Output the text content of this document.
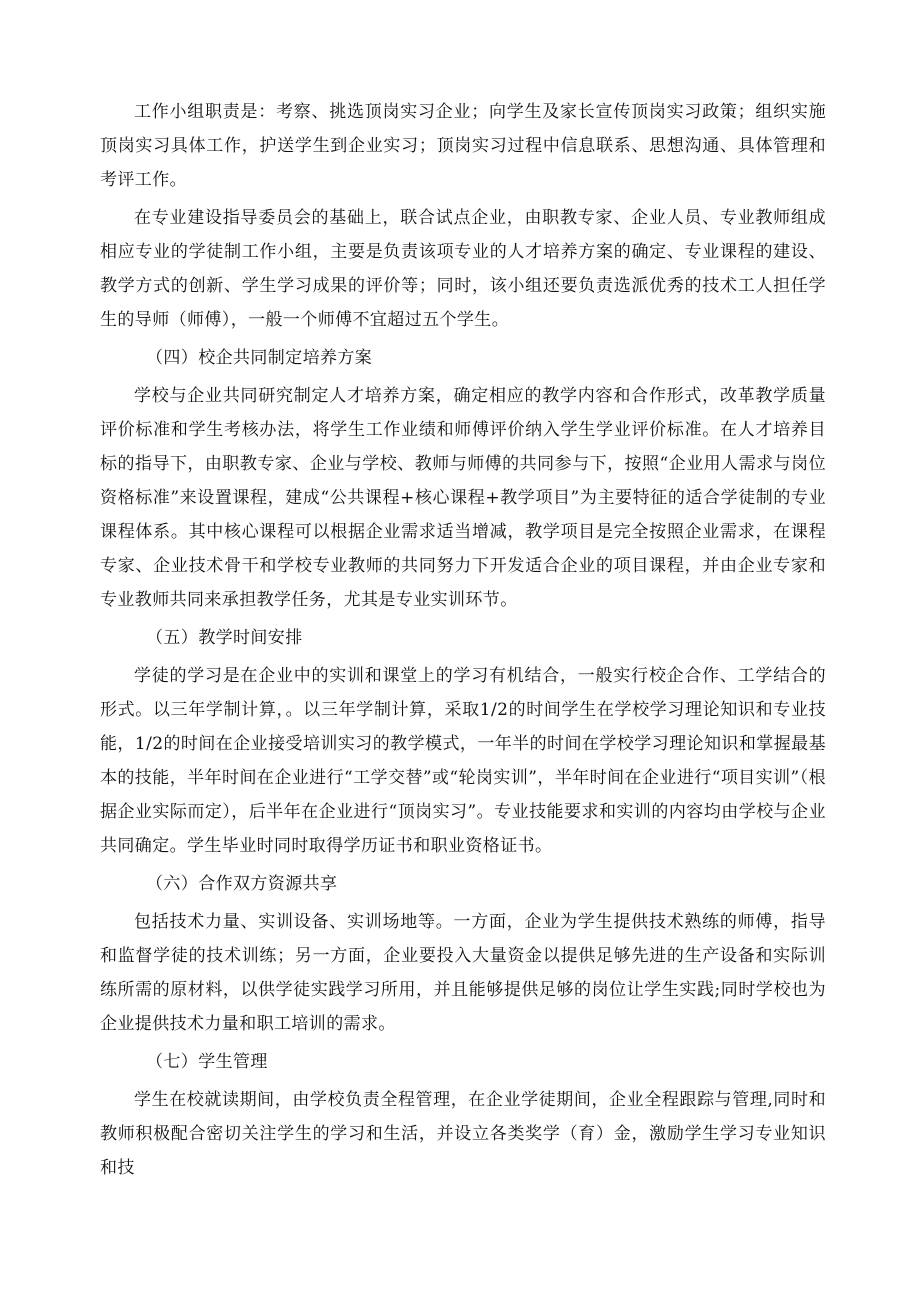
工作小组职责是：考察、挑选顶岗实习企业；向学生及家长宣传顶岗实习政策；组织实施顶岗实习具体工作，护送学生到企业实习；顶岗实习过程中信息联系、思想沟通、具体管理和考评工作。

在专业建设指导委员会的基础上，联合试点企业，由职教专家、企业人员、专业教师组成相应专业的学徒制工作小组，主要是负责该项专业的人才培养方案的确定、专业课程的建设、教学方式的创新、学生学习成果的评价等；同时，该小组还要负责选派优秀的技术工人担任学生的导师（师傅），一般一个师傅不宜超过五个学生。

（四）校企共同制定培养方案

学校与企业共同研究制定人才培养方案，确定相应的教学内容和合作形式，改革教学质量评价标准和学生考核办法，将学生工作业绩和师傅评价纳入学生学业评价标准。在人才培养目标的指导下，由职教专家、企业与学校、教师与师傅的共同参与下，按照“企业用人需求与岗位资格标准”来设置课程，建成“公共课程+核心课程+教学项目”为主要特征的适合学徒制的专业课程体系。其中核心课程可以根据企业需求适当增减，教学项目是完全按照企业需求，在课程专家、企业技术骨干和学校专业教师的共同努力下开发适合企业的项目课程，并由企业专家和专业教师共同来承担教学任务，尤其是专业实训环节。

（五）教学时间安排

学徒的学习是在企业中的实训和课堂上的学习有机结合，一般实行校企合作、工学结合的形式。以三年学制计算，。以三年学制计算，采取1/2的时间学生在学校学习理论知识和专业技能，1/2的时间在企业接受培训实习的教学模式，一年半的时间在学校学习理论知识和掌握最基本的技能，半年时间在企业进行“工学交替”或“轮岗实训”，半年时间在企业进行“项目实训”（根据企业实际而定），后半年在企业进行“顶岗实习”。专业技能要求和实训的内容均由学校与企业共同确定。学生毕业时同时取得学历证书和职业资格证书。

（六）合作双方资源共享

包括技术力量、实训设备、实训场地等。一方面，企业为学生提供技术熟练的师傅，指导和监督学徒的技术训练；另一方面，企业要投入大量资金以提供足够先进的生产设备和实际训练所需的原材料，以供学徒实践学习所用，并且能够提供足够的岗位让学生实践;同时学校也为企业提供技术力量和职工培训的需求。

（七）学生管理

学生在校就读期间，由学校负责全程管理，在企业学徒期间，企业全程跟踪与管理,同时和教师积极配合密切关注学生的学习和生活，并设立各类奖学（育）金，激励学生学习专业知识和技
